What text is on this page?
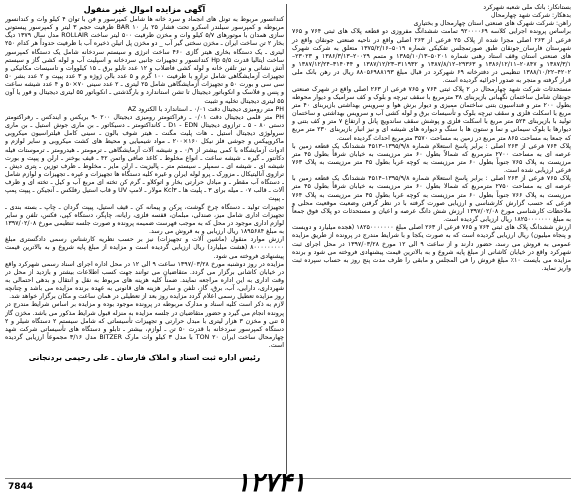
بستانکار: بانک ملی شعبه شهرکرد

بدهکار: شرکت شهد چهارمحال

راهن: شرکت شهرک های صنعتی استان چهارمحال و بختیاری

براساس پرونده اجرایی کلاسه ۹۲۰۰۰۰۶۹ تمامت ششدانگ مفروزی دو قطعه پلاک های ثبتی ۷۶۴ و ۷۶۵ فرعی از ۲۶۳ اصلی مجزا شده از پلاک ۲۵ فرعی از ۲۶۳ اصلی واقع در ناحیه صنعتی جونقان واقع در شهرستان فارسان_جونقان طبق صورتمجلس تفکیکی شماره ۵۰۱۹–۱۳۷۵/۲/۱۶ متعلق به شرکت شهرک های صنعتی استان وقف استاد رهنی شماره ۵۰۲۰۱–۱۳۸۵/۱۰/۱۳ و متمم ۲۰۰۲۹–۱۳۸۶/۳/۱۳ و ۲۳۰۲۳–۱۳۸۷/۳/۱ و ۲۰۸۴۷–۱۳۸۶/۱۲/۱۱ و ۲۹۳۶۳–۱۳۸۷/۸/۱۲ و ۳۱۱۹۳۲–۱۳۸۷/۱۲/۲۳ و ۳۱۴۰۴۴–۱۳۸۷/۱۲/۲۴ و ۴۲۰۲–۱۳۸۸/۱۰/۲۲ تنظیمی در دفترخانه ۶۹ شهرکرد در قبال مبلغ ۸۸۰۵۶۹۸۸۱۹۳ ریال در رهن بانک ملی قرار گرفته و منجر به صدور اجرائیه گردیده است.

مستحدثات شرکت شهد چهارمحال در ۲ پلاک ثبتی ۷۶۴ و ۷۶۵ فرعی از ۲۶۳ اصلی واقع در شهرک صنعتی جونقان شامل ساختمان نگهبانی بازیربنای ۳۸ مترمربع با سقف تیرچه و بلوک و کف سرامیک و دیوار محوطه بطول ۲۰۰ متر و فنداسیون بتنی ساختمان ممیزی و دیوار برش هوا و سرویس بهداشتی بازیربنای ۴۰ متر مربع با اسکلت فلزی و سقف تیرچه بلوک و تأسیسات برق و لوله کشی آب و سرویس بهداشتی و ساختمان تولید با بازیربنای ۵۲۴ متر مربع با اسکلت فلزی و پوشش سقف ساندویچ پانل و ارتفاع ۷ متر و کف بتنی و دیوارها با بلوک سیمانی و نما و ستون ها با سنگ و دیواره های شیشه ای و نیز انبار بازیربنای ۲۳۰ متر مربع که جمعا به مساحت ۸۶۵ متر مربع در زمین به مساحت ۳۵۷۰ مترمربع احداث گردیده است.

پلاک ۷۶۴ فرعی از ۲۶۳ اصلی : برابر پاسخ استعلام شماره ۱۳۹۵/۹/۸–۴۵۱۳ ششدانگ یک قطعه زمین با عرصه ای به مساحت ۲۷۰۰ مترمربع که شمالاً بطول ۶۰ متر مرزیست به خیابان شرقاً بطول ۴۵ متر مرزیست به پلاک ۷۶۵ جنوباً بطول ۶۰ متر مرزیست به کوچه غربا بطول ۴۵ متر مرزیست به پلاک ۷۶۳ فرعی ارزیابی شده است.

پلاک ۷۶۵ فرعی از ۲۶۳ اصلی : برابر پاسخ استعلام شماره ۱۳۹۵/۹/۸–۴۵۱۴ ششدانگ یک قطعه زمین با عرصه ای به مساحت ۲۷۵۰ مترمربع که شمالا بطول ۶۰ متر مرزیست به خیابان شرقاً بطول ۴۵ متر مرزیست به پلاک ۷۶۶ جنوباً بطول ۶۰ متر مرزیست به کوچه غربا بطول ۴۵ متر مرزیست به پلاک ۷۶۴ فرعی که حسب گزارش کارشناسی و ارزیابی صورت گرفته با در نظر گرفتن وضعیت موقعیت محلی و ملاحظات کارشناسی مورخ ۱۳۹۷/۰۲/۰۸ ارزش شش دانگ عرصه و اعیان و مستحدثات دو پلاک فوق جمعاً به مبلغ ۱۸۲۵۰۰۰۰۰۰۰ ریال ارزیابی گردیده است.

ارزش ششدانگ پلاک های ثبتی ۷۶۴ و ۷۶۵ فرعی از ۲۶۳ اصلی مبلغ ۱۸۲۵۰۰۰۰۰۰۰ (هجده میلیارد و دویست و پنجاه میلیون) ریال ارزیابی گردیده است که به صورت یکجا و با شرایط مندرج در پرونده از طریق مزایده عمومی به فروش می رسد، حضور دارند و از ساعت ۹ الی ۱۲ مورخ ۱۳۹۷/۰۳/۲۸ در محل اجرای ثبت شهرکرد واقع در خیابان کاشانی از مبلغ پایه شروع و به بالاترین قیمت پیشنهادی فروخته می شود و برنده مزایده می بایست ۱۰٪ مبلغ فروش را فی المجلس و مابقی را ظرف مدت پنج روز به حساب سپرده ثبت واریز نماید.

آگهی مزایده اموال غیر منقول

کندانسور مربوط به تونل های انجماد و سرد خانه ها شامل کمپرسور و فن با توان ۴ کیلو وات و کندانسور مربوطه و کمپرسور سیلندر اسکرو تحت فشار ۲۵ بار BAR ۱۰ ظرفیت حجم ۳ لیتر و کمپرسور پیستونی سازی همدان با موتورهای ۵/۷ کیلو وات و مخزن ظرفیت ۵۰۰ لیتر ساخت ROLLAIR مدل سال ۱۳۷۹ دیگ بخار ۲ تن ساخت ایران ـ مخزن سختی گیر آب _ دو مخزن پل اتیلن ذخیره آب با ظرفیت حدوداً هر کدام ۲۵۰ لیتری ـ یک دستگاه بخاری هیتر گازی ۴۶۰ ساخت انرژی و سیستم سردخانه شامل یک دستگاه کمپرسور ساخت ایتالیا قدرت Hp ۵/۵ کندانسور و تجهیزات جانبی سردخانه و اسپلیت آب و لوله کشی گاز و سیستم آتش نشانی و نیز تلفن خانه و لوله کشی فاضلاب و ۱۲ عدد تابلو برق ـ ۱۵ کیلووات و تاسیسات مکانیکی و تجهیزات آزمایشگاهی شامل ترازو با ظرفیت ۱۰۰ گرم و ۵ عدد بالن ژوژه و ۳ عدد پیپت و ۲ عدد بشر ۵۰ سی سی و بورت ۵۰ و تجهیزات آزمایشگاهی شامل ۲۵ لیتری ـ ۲ عدد سینی ۷۰×۵۰ و ۴ عدد شیشه ساعت و پنس و فلاسک و انکوباتور دیجیتال تا تشن استاندارد و بارگذشتی ـ انکوباتور ۵۵ لیتری دیجیتال و فور یا آون ۵۵ لیتری دیجیتال تخلیه و تثبیت

PH متر رومیزی دیجیتال دقت ۰/۰۱ ـ استاندارد با الکترود AZ

PH متر قلمی دیجیتال دقت ۰/۰۱ ـ رفراکتومتر رومیزی دیجیتال ۲۰۰ -۹ بریکس و ایندکس ـ رفراکتومتر دستی ۸۰ - ۵ ـ ترازوی دیجیتال D۱ - EDN ـ کانداکتومتر ـ دسیکاتور ـ بن ماری جوش استیل ـ بن ماری سرولوژی دیجیتال استیل ـ هات پلیت مگنت ـ هیتر شوف بالون ـ سینی کامل فیلتراسیون میکروبی ماکروپیکس و جوشی فلز نیکل ۱۶۰×۲۰۰ ـ مواد شیمیایی و محیط های کشت میکروبی و سایر لوازم و ادوات آزمایشگاه با کمی بیشتر از ۰/۹ ـ و شیشه آلات آزمایشگاهی ـ ترمومتر ـ هیدرومتر ـ ترموستات فیله دکانتور ـ گیره ـ شیشه ساعت ـ انواع مخلوط ـ کاغذ صافی واتمن ۴۲ ـ قیف بوخنر ـ ارلن و پیپت و بورت شیشه ای ـ شیشه ای ـ سمپلر ـ سیستم متر ـ پالیزیت ـ ارلن مایر ـ مخلوط ـ ظرف توزین ـ پتری دیش ـ ترازوی آنالیتیکال ـ مزورک ـ پرو لوله ایرلن و غیره کلیه دستگاه ها تجهیزات و غیره ـ تجهیزات و لوازم شامل ـ دستگاه آب مقطر ـ و مبادل حرارتی بخار و اتوکلاو ـ گرم کن تخته ای مربع آب و کیل ـ تخته ای و ظرف آلات ـ قالب ۰۷ ـ میله برای ۳ ـ پلیت ها ـ Kcl۳ مولار ـ لامپ UV و قاب استیل رفلکس ـ آنجیکن ـ پیپت پمپ ـ پیپت

تجهیزات تولید ـ دستگاه چرخ گوشت، پرکن و پیمانه کن ـ قیف استیل، پیپت گردان ـ چاپ ـ بسته بندی ـ تجهیزات اداری شامل میز، صندلی، مبلمان، قفسه فلزی، رایانه، چاپگر، دستگاه کپی، فکس، تلفن و سایر لوازم اداری موجود در محل که به موجب فهرست ضمیمه پرونده و صورت جلسه تنظیمی مورخ ۱۳۹۷/۰۲/۰۸ به مبلغ ۱۸۹۵۶۸۴ ریال ارزیابی و به فروش می رسد.

ارزش موارد منقول (ماشین آلات و تجهیزات) نیز بر حسب نظریه کارشناس رسمی دادگستری مبلغ ۸۰۰۰۰۰۰۰۰۰ (هشت میلیارد) ریال ارزیابی گردیده است و مزایده از مبلغ پایه شروع و به بالاترین قیمت پیشنهادی فروخته می شود.

مزایده در روز دوشنبه مورخ ۱۳۹۷/۰۳/۲۸ ساعت ۹ الی ۱۲ در محل اداره اجرای اسناد رسمی شهرکرد واقع در خیابان کاشانی برگزار می گردد. متقاضیان می توانند جهت کسب اطلاعات بیشتر و بازدید از محل در وقت اداری به این اداره مراجعه نمایند. ضمناً کلیه هزینه های مربوط به نقل و انتقال و بدهی احتمالی به شهرداری، دارایی، آب، برق، گاز، تلفن و سایر هزینه های قانونی به عهده برنده مزایده می باشد و چنانچه روز مزایده تعطیل رسمی اعلام گردد مزایده روز بعد از تعطیلی در همان ساعت و مکان برگزار خواهد شد.

لازم به ذکر است کلیه اسناد و مدارک مربوطه در پرونده موجود بوده و مزایده بر اساس شرایط مندرج در پرونده انجام می گیرد و حضور متقاضیان در جلسه مزایده به منزله قبول شرایط مذکور می باشد. مخزن گاز ۵ تنی و مخزن ۳ هزار لیتری با مبدل حرارتی و تجهیزات تأسیساتی که شامل سیستم ۲ دستگاه شیلر و ۲ دستگاه کمپرسور سردخانه با قدرت ۵۰ تن ـ لوازم، بیشتر ـ تابلو و دستگاه های تأسیساتی شرکت شهد چهارمحال ساخت ایران ۲۰ TON با مدل ۳ کیلو وات مارک BITZER مدل ۳/۱۶ مجموعاً ارزیابی گردیده است.

رئیس اداره ثبت اسناد و املاک فارسان ـ علی رحیمی بردنجانی
۱۲۷۴۱
7844
